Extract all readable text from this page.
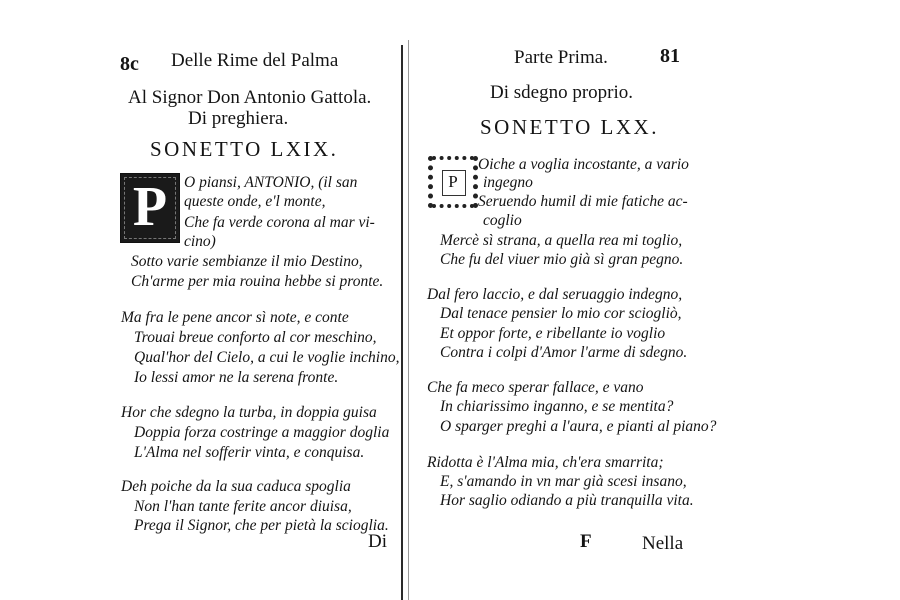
8c Delle Rime del Palma
Al Signor Don Antonio Gattola.
Di preghiera.
SONETTO LXIX.
P	O piansi, ANTONIO, (il san
queste onde, e'l monte,
Che fa verde corona al mar vi-
cino)
Sotto varie sembianze il mio Destino,
Ch'arme per mia rouina hebbe si pronte.
Ma fra le pene ancor sì note, e conte
Trouai breue conforto al cor meschino,
Qual'hor del Cielo, a cui le voglie inchino,
Io lessi amor ne la serena fronte.
Hor che sdegno la turba, in doppia guisa
Doppia forza costringe a maggior doglia
L'Alma nel sofferir vinta, e conquisa.
Deh poiche da la sua caduca spoglia
Non l'han tante ferite ancor diuisa,
Prega il Signor, che per pietà la scioglia.
Di
Parte Prima.	81
Di sdegno proprio.
SONETTO LXX.
P
Oiche a voglia incostante, a vario
ingegno
Seruendo humil di mie fatiche ac-
coglio
Mercè sì strana, a quella rea mi toglio,
Che fu del viuer mio già sì gran pegno.
Dal fero laccio, e dal seruaggio indegno,
Dal tenace pensier lo mio cor sciogliò,
Et oppor forte, e ribellante io voglio
Contra i colpi d'Amor l'arme di sdegno.
Che fa meco sperar fallace, e vano
In chiarissimo inganno, e se mentita?
O sparger preghi a l'aura, e pianti al piano?
Ridotta è l'Alma mia, ch'era smarrita;
E, s'amando in vn mar già scesi insano,
Hor saglio odiando a più tranquilla vita.
F	Nella
